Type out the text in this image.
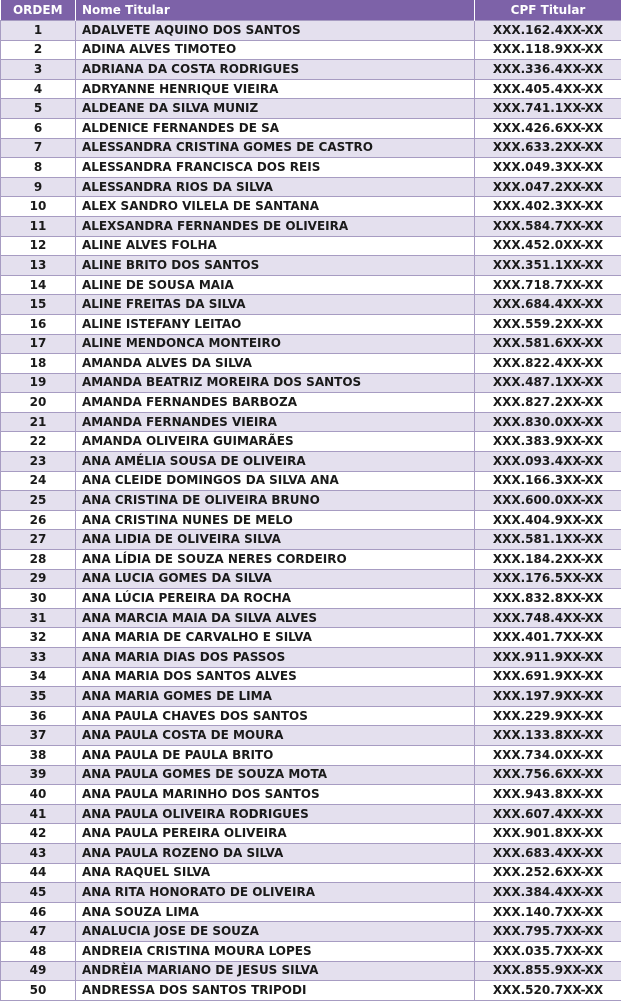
ORDEM	Nome Titular	CPF Titular
1	ADALVETE AQUINO DOS SANTOS	XXX.162.4XX-XX
2	ADINA ALVES TIMOTEO	XXX.118.9XX-XX
3	ADRIANA DA COSTA RODRIGUES	XXX.336.4XX-XX
4	ADRYANNE HENRIQUE VIEIRA	XXX.405.4XX-XX
5	ALDEANE DA SILVA MUNIZ	XXX.741.1XX-XX
6	ALDENICE FERNANDES DE SA	XXX.426.6XX-XX
7	ALESSANDRA CRISTINA GOMES DE CASTRO	XXX.633.2XX-XX
8	ALESSANDRA FRANCISCA DOS REIS	XXX.049.3XX-XX
9	ALESSANDRA RIOS DA SILVA	XXX.047.2XX-XX
10	ALEX SANDRO VILELA DE SANTANA	XXX.402.3XX-XX
11	ALEXSANDRA FERNANDES DE OLIVEIRA	XXX.584.7XX-XX
12	ALINE ALVES FOLHA	XXX.452.0XX-XX
13	ALINE BRITO DOS SANTOS	XXX.351.1XX-XX
14	ALINE DE SOUSA MAIA	XXX.718.7XX-XX
15	ALINE FREITAS DA SILVA	XXX.684.4XX-XX
16	ALINE ISTEFANY LEITAO	XXX.559.2XX-XX
17	ALINE MENDONCA MONTEIRO	XXX.581.6XX-XX
18	AMANDA ALVES DA SILVA	XXX.822.4XX-XX
19	AMANDA BEATRIZ MOREIRA DOS SANTOS	XXX.487.1XX-XX
20	AMANDA FERNANDES BARBOZA	XXX.827.2XX-XX
21	AMANDA FERNANDES VIEIRA	XXX.830.0XX-XX
22	AMANDA OLIVEIRA GUIMARÃES	XXX.383.9XX-XX
23	ANA AMÉLIA SOUSA DE OLIVEIRA	XXX.093.4XX-XX
24	ANA CLEIDE DOMINGOS DA SILVA ANA	XXX.166.3XX-XX
25	ANA CRISTINA DE OLIVEIRA BRUNO	XXX.600.0XX-XX
26	ANA CRISTINA NUNES DE MELO	XXX.404.9XX-XX
27	ANA LIDIA DE OLIVEIRA SILVA	XXX.581.1XX-XX
28	ANA LÍDIA DE SOUZA NERES CORDEIRO	XXX.184.2XX-XX
29	ANA LUCIA GOMES DA SILVA	XXX.176.5XX-XX
30	ANA LÚCIA PEREIRA DA ROCHA	XXX.832.8XX-XX
31	ANA MARCIA MAIA DA SILVA ALVES	XXX.748.4XX-XX
32	ANA MARIA DE CARVALHO E SILVA	XXX.401.7XX-XX
33	ANA MARIA DIAS DOS PASSOS	XXX.911.9XX-XX
34	ANA MARIA DOS SANTOS ALVES	XXX.691.9XX-XX
35	ANA MARIA GOMES DE LIMA	XXX.197.9XX-XX
36	ANA PAULA CHAVES DOS SANTOS	XXX.229.9XX-XX
37	ANA PAULA COSTA DE MOURA	XXX.133.8XX-XX
38	ANA PAULA DE PAULA BRITO	XXX.734.0XX-XX
39	ANA PAULA GOMES DE SOUZA MOTA	XXX.756.6XX-XX
40	ANA PAULA MARINHO DOS SANTOS	XXX.943.8XX-XX
41	ANA PAULA OLIVEIRA RODRIGUES	XXX.607.4XX-XX
42	ANA PAULA PEREIRA OLIVEIRA	XXX.901.8XX-XX
43	ANA PAULA ROZENO DA SILVA	XXX.683.4XX-XX
44	ANA RAQUEL SILVA	XXX.252.6XX-XX
45	ANA RITA HONORATO DE OLIVEIRA	XXX.384.4XX-XX
46	ANA SOUZA LIMA	XXX.140.7XX-XX
47	ANALUCIA JOSE DE SOUZA	XXX.795.7XX-XX
48	ANDREIA CRISTINA MOURA LOPES	XXX.035.7XX-XX
49	ANDRÈIA MARIANO DE JESUS SILVA	XXX.855.9XX-XX
50	ANDRESSA DOS SANTOS TRIPODI	XXX.520.7XX-XX
